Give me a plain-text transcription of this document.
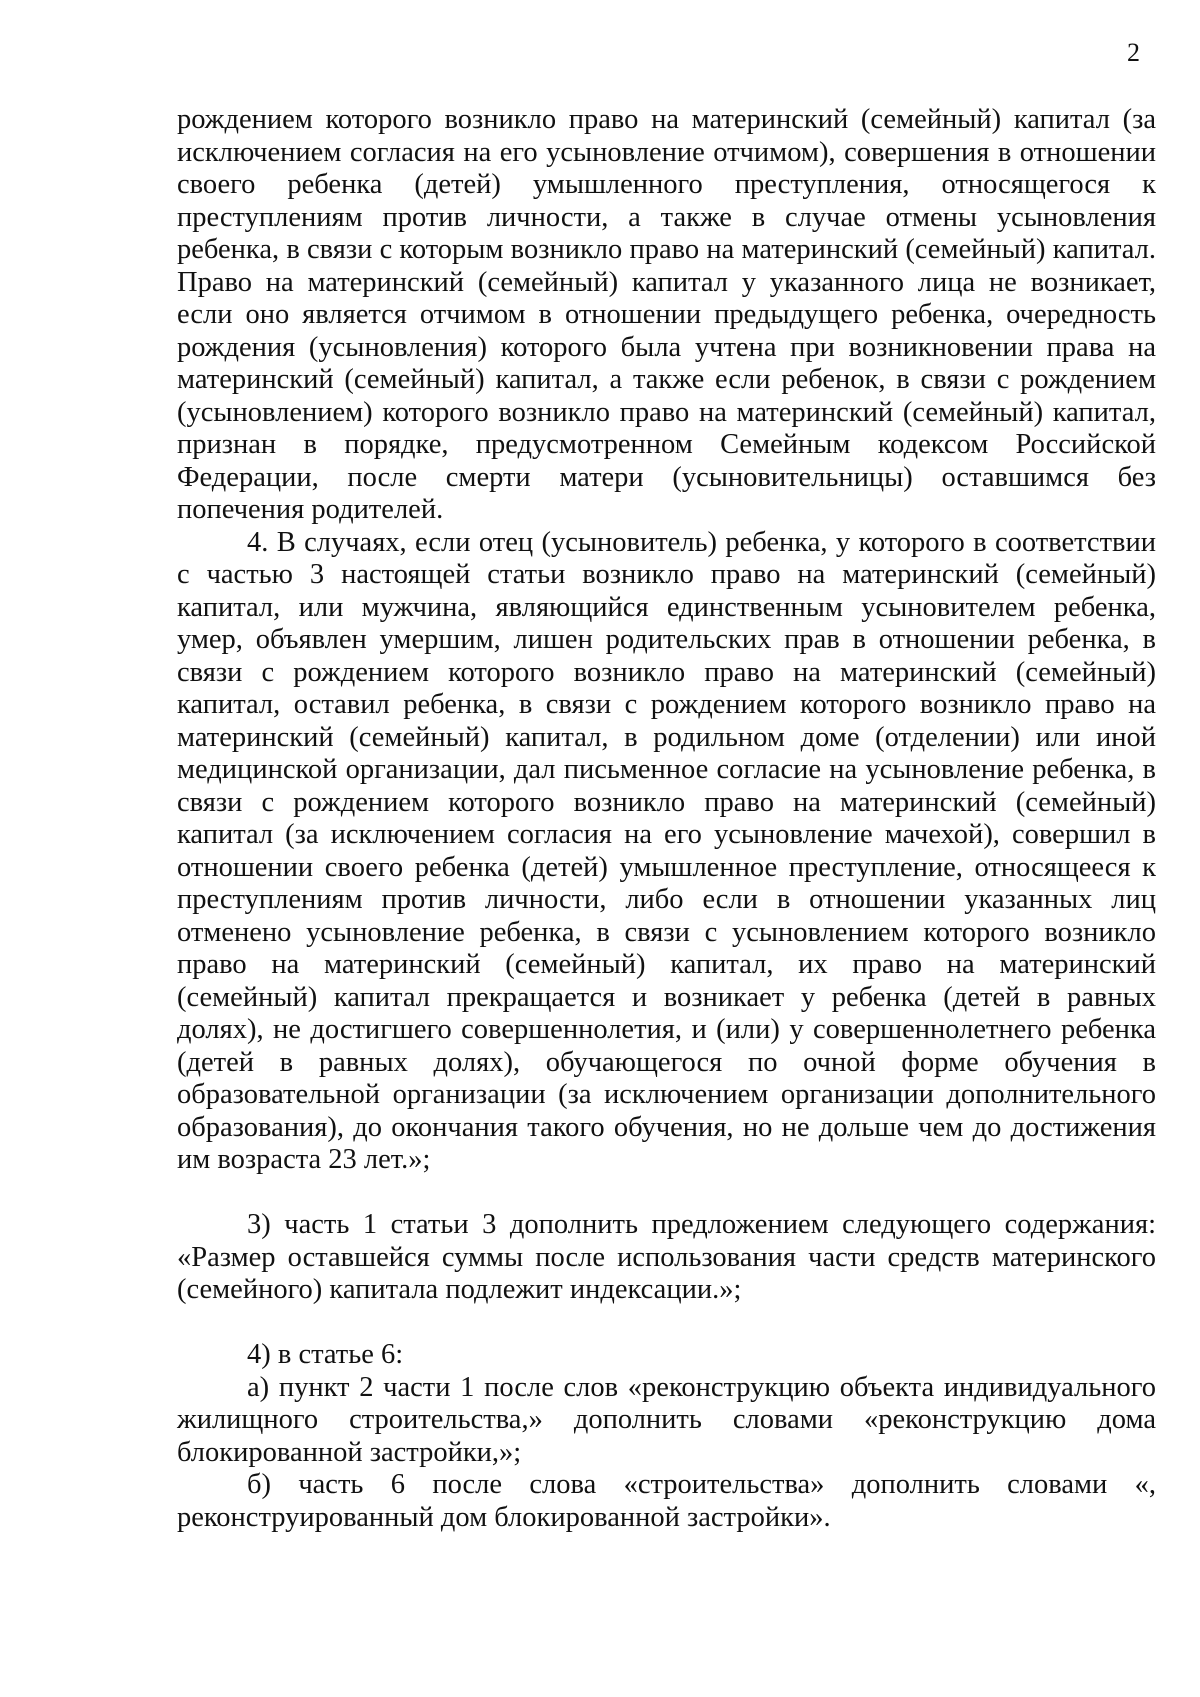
2

рождением которого возникло право на материнский (семейный) капитал (за исключением согласия на его усыновление отчимом), совершения в отношении своего ребенка (детей) умышленного преступления, относящегося к преступлениям против личности, а также в случае отмены усыновления ребенка, в связи с которым возникло право на материнский (семейный) капитал. Право на материнский (семейный) капитал у указанного лица не возникает, если оно является отчимом в отношении предыдущего ребенка, очередность рождения (усыновления) которого была учтена при возникновении права на материнский (семейный) капитал, а также если ребенок, в связи с рождением (усыновлением) которого возникло право на материнский (семейный) капитал, признан в порядке, предусмотренном Семейным кодексом Российской Федерации, после смерти матери (усыновительницы) оставшимся без попечения родителей.

4. В случаях, если отец (усыновитель) ребенка, у которого в соответствии с частью 3 настоящей статьи возникло право на материнский (семейный) капитал, или мужчина, являющийся единственным усыновителем ребенка, умер, объявлен умершим, лишен родительских прав в отношении ребенка, в связи с рождением которого возникло право на материнский (семейный) капитал, оставил ребенка, в связи с рождением которого возникло право на материнский (семейный) капитал, в родильном доме (отделении) или иной медицинской организации, дал письменное согласие на усыновление ребенка, в связи с рождением которого возникло право на материнский (семейный) капитал (за исключением согласия на его усыновление мачехой), совершил в отношении своего ребенка (детей) умышленное преступление, относящееся к преступлениям против личности, либо если в отношении указанных лиц отменено усыновление ребенка, в связи с усыновлением которого возникло право на материнский (семейный) капитал, их право на материнский (семейный) капитал прекращается и возникает у ребенка (детей в равных долях), не достигшего совершеннолетия, и (или) у совершеннолетнего ребенка (детей в равных долях), обучающегося по очной форме обучения в образовательной организации (за исключением организации дополнительного образования), до окончания такого обучения, но не дольше чем до достижения им возраста 23 лет.»;

3) часть 1 статьи 3 дополнить предложением следующего содержания: «Размер оставшейся суммы после использования части средств материнского (семейного) капитала подлежит индексации.»;

4) в статье 6:

а) пункт 2 части 1 после слов «реконструкцию объекта индивидуального жилищного строительства,» дополнить словами «реконструкцию дома блокированной застройки,»;

б) часть 6 после слова «строительства» дополнить словами «, реконструированный дом блокированной застройки».
